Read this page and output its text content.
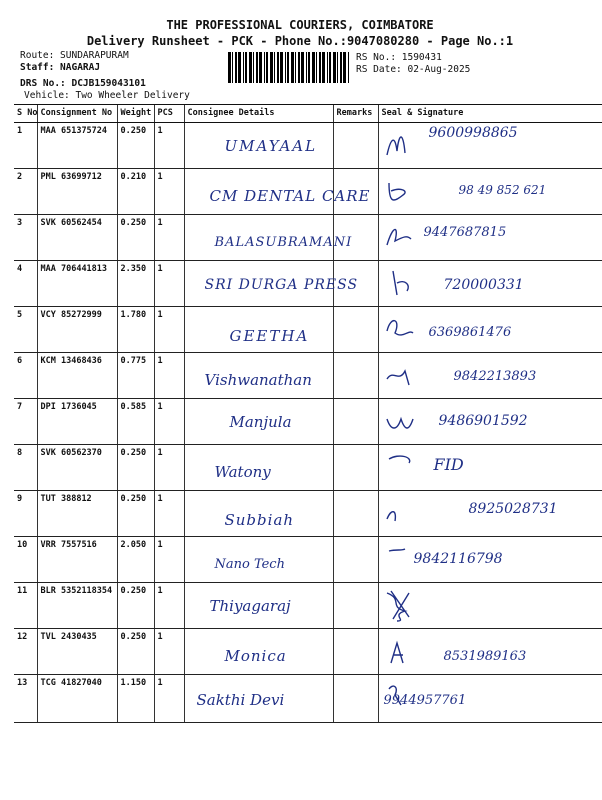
THE PROFESSIONAL COURIERS, COIMBATORE
Delivery Runsheet - PCK - Phone No.:9047080280 - Page No.:1
Route: SUNDARAPURAM
Staff: NAGARAJ
DRS No.: DCJB159043101
Vehicle: Two Wheeler Delivery
RS No.: 1590431
RS Date: 02-Aug-2025
S No	Consignment No	Weight	PCS	Consignee Details	Remarks	Seal & Signature
1	MAA 651375724	0.250	1	UMAYAAL		9600998865

2	PML 63699712	0.210	1	CM DENTAL CARE		98 49 852 621

3	SVK 60562454	0.250	1	BALASUBRAMANI		9447687815

4	MAA 706441813	2.350	1	SRI DURGA PRESS		720000331

5	VCY 85272999	1.780	1	GEETHA		6369861476

6	KCM 13468436	0.775	1	Vishwanathan		9842213893

7	DPI 1736045	0.585	1	Manjula		9486901592

8	SVK 60562370	0.250	1	Watony		FID

9	TUT 388812	0.250	1	Subbiah		8925028731

10	VRR 7557516	2.050	1	Nano Tech		9842116798

11	BLR 5352118354	0.250	1	Thiyagaraj

12	TVL 2430435	0.250	1	Monica		8531989163

13	TCG 41827040	1.150	1	Sakthi Devi		9944957761
